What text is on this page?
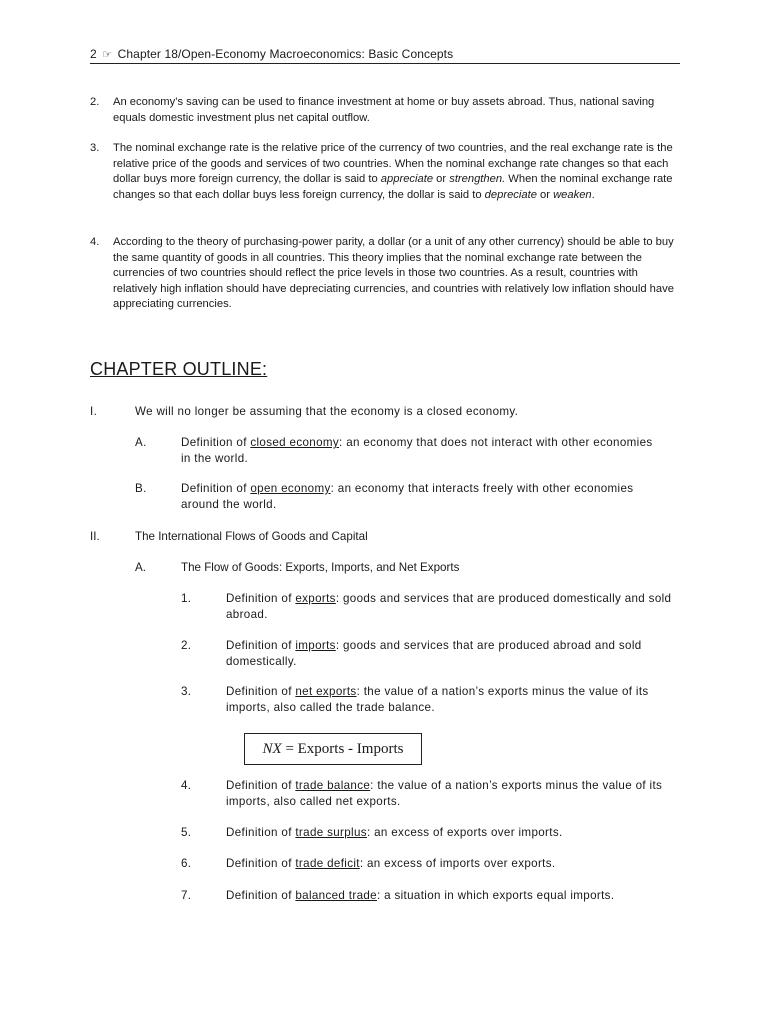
2 ☞ Chapter 18/Open-Economy Macroeconomics: Basic Concepts
2. An economy’s saving can be used to finance investment at home or buy assets abroad. Thus, national saving equals domestic investment plus net capital outflow.
3. The nominal exchange rate is the relative price of the currency of two countries, and the real exchange rate is the relative price of the goods and services of two countries. When the nominal exchange rate changes so that each dollar buys more foreign currency, the dollar is said to appreciate or strengthen. When the nominal exchange rate changes so that each dollar buys less foreign currency, the dollar is said to depreciate or weaken.
4. According to the theory of purchasing-power parity, a dollar (or a unit of any other currency) should be able to buy the same quantity of goods in all countries. This theory implies that the nominal exchange rate between the currencies of two countries should reflect the price levels in those two countries. As a result, countries with relatively high inflation should have depreciating currencies, and countries with relatively low inflation should have appreciating currencies.
CHAPTER OUTLINE:
I.	We will no longer be assuming that the economy is a closed economy.
A.	Definition of closed economy: an economy that does not interact with other economies in the world.
B.	Definition of open economy: an economy that interacts freely with other economies around the world.
II.	The International Flows of Goods and Capital
A.	The Flow of Goods: Exports, Imports, and Net Exports
1.	Definition of exports: goods and services that are produced domestically and sold abroad.
2.	Definition of imports: goods and services that are produced abroad and sold domestically.
3.	Definition of net exports: the value of a nation’s exports minus the value of its imports, also called the trade balance.
NX = Exports - Imports
4.	Definition of trade balance: the value of a nation’s exports minus the value of its imports, also called net exports.
5.	Definition of trade surplus: an excess of exports over imports.
6.	Definition of trade deficit: an excess of imports over exports.
7.	Definition of balanced trade: a situation in which exports equal imports.
